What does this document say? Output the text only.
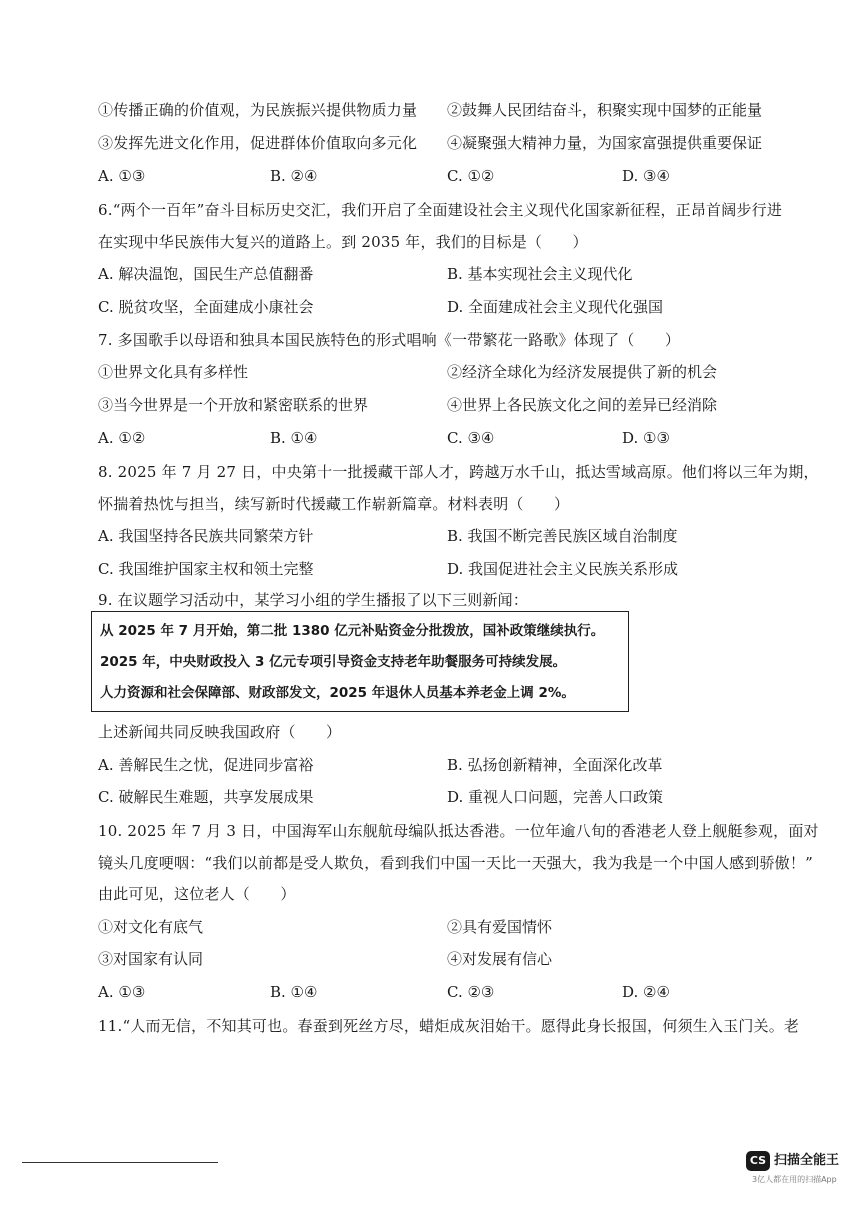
①传播正确的价值观，为民族振兴提供物质力量 ②鼓舞人民团结奋斗，积聚实现中国梦的正能量
③发挥先进文化作用，促进群体价值取向多元化 ④凝聚强大精神力量，为国家富强提供重要保证
A. ①③	B. ②④	C. ①②	D. ③④
6.“两个一百年”奋斗目标历史交汇，我们开启了全面建设社会主义现代化国家新征程，正昂首阔步行进
在实现中华民族伟大复兴的道路上。到 2035 年，我们的目标是（　　）
A. 解决温饱，国民生产总值翻番	B. 基本实现社会主义现代化
C. 脱贫攻坚，全面建成小康社会	D. 全面建成社会主义现代化强国
7. 多国歌手以母语和独具本国民族特色的形式唱响《一带繁花一路歌》体现了（　　）
①世界文化具有多样性	②经济全球化为经济发展提供了新的机会
③当今世界是一个开放和紧密联系的世界	④世界上各民族文化之间的差异已经消除
A. ①②	B. ①④	C. ③④	D. ①③
8. 2025 年 7 月 27 日，中央第十一批援藏干部人才，跨越万水千山，抵达雪域高原。他们将以三年为期，
怀揣着热忱与担当，续写新时代援藏工作崭新篇章。材料表明（　　）
A. 我国坚持各民族共同繁荣方针	B. 我国不断完善民族区域自治制度
C. 我国维护国家主权和领土完整	D. 我国促进社会主义民族关系形成
9. 在议题学习活动中，某学习小组的学生播报了以下三则新闻：
从 2025 年 7 月开始，第二批 1380 亿元补贴资金分批拨放，国补政策继续执行。
2025 年，中央财政投入 3 亿元专项引导资金支持老年助餐服务可持续发展。
人力资源和社会保障部、财政部发文，2025 年退休人员基本养老金上调 2%。
上述新闻共同反映我国政府（　　）
A. 善解民生之忧，促进同步富裕	B. 弘扬创新精神，全面深化改革
C. 破解民生难题，共享发展成果	D. 重视人口问题，完善人口政策
10. 2025 年 7 月 3 日，中国海军山东舰航母编队抵达香港。一位年逾八旬的香港老人登上舰艇参观，面对
镜头几度哽咽：“我们以前都是受人欺负，看到我们中国一天比一天强大，我为我是一个中国人感到骄傲！”
由此可见，这位老人（　　）
①对文化有底气	②具有爱国情怀
③对国家有认同	④对发展有信心
A. ①③	B. ①④	C. ②③	D. ②④
11.“人而无信，不知其可也。春蚕到死丝方尽，蜡炬成灰泪始干。愿得此身长报国，何须生入玉门关。老
CS 扫描全能王
3亿人都在用的扫描App
